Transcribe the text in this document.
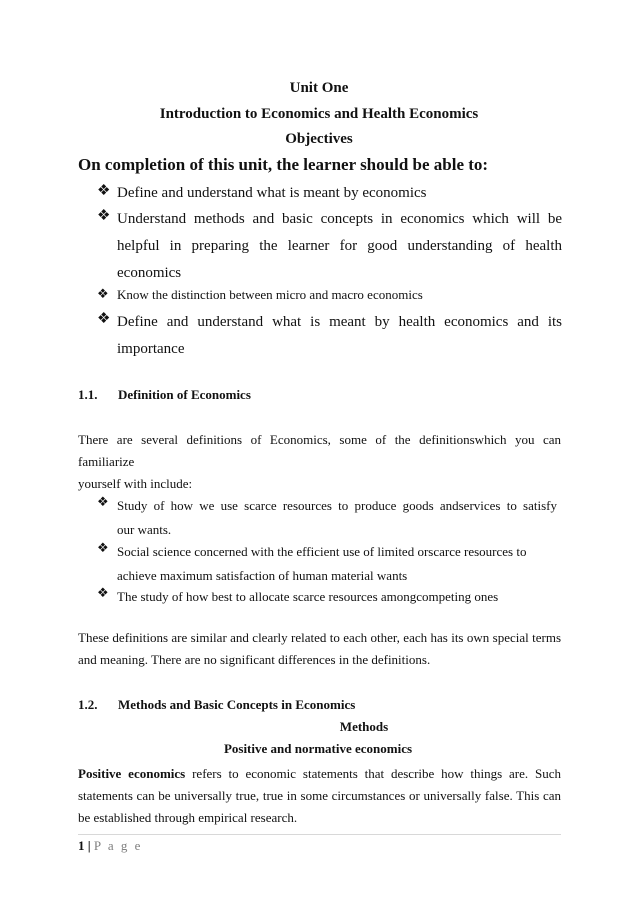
Unit One
Introduction to Economics and Health Economics
Objectives
On completion of this unit, the learner should be able to:
❖ Define and understand what is meant by economics
❖ Understand methods and basic concepts in economics which will be
helpful in preparing the learner for good understanding of health
economics
❖ Know the distinction between micro and macro economics
❖ Define and understand what is meant by health economics and its
importance
1.1. Definition of Economics
There are several definitions of Economics, some of the definitionswhich you can familiarize
yourself with include:
❖ Study of how we use scarce resources to produce goods andservices to satisfy
our wants.
❖ Social science concerned with the efficient use of limited orscarce resources to
achieve maximum satisfaction of human material wants
❖ The study of how best to allocate scarce resources amongcompeting ones
These definitions are similar and clearly related to each other, each has its own special terms
and meaning. There are no significant differences in the definitions.
1.2. Methods and Basic Concepts in Economics
Methods
Positive and normative economics
Positive economics refers to economic statements that describe how things are. Such
statements can be universally true, true in some circumstances or universally false. This can
be established through empirical research.
1 | P a g e
